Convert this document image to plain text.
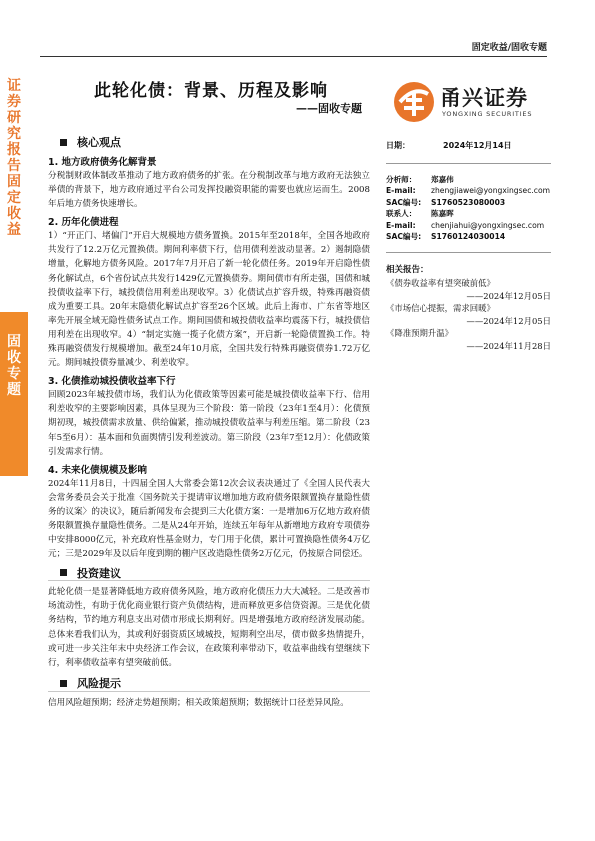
证券研究报告 固定收益
固收专题
固定收益/固收专题
此轮化债：背景、历程及影响
——固收专题	甬兴证券
YONGXING SECURITIES
核心观点
1. 地方政府债务化解背景
分税制财政体制改革推动了地方政府债务的扩张。在分税制改革与地方政府无法独立举债的背景下，地方政府通过平台公司发挥投融资职能的需要也就应运而生。2008年后地方债务快速增长。
2. 历年化债进程
1）“开正门、堵偏门”开启大规模地方债务置换。2015年至2018年，全国各地政府共发行了12.2万亿元置换债。期间利率债下行，信用债利差波动显著。2）遏制隐债增量，化解地方债务风险。2017年7月开启了新一轮化债任务。2019年开启隐性债务化解试点，6个省份试点共发行1429亿元置换债券。期间债市有所走强，国债和城投债收益率下行，城投债信用利差出现收窄。3）化债试点扩容升级，特殊再融资债成为重要工具。20年末隐债化解试点扩容至26个区域。此后上海市、广东省等地区率先开展全域无隐性债务试点工作。期间国债和城投债收益率均震荡下行，城投债信用利差在出现收窄。4）“制定实施一揽子化债方案”，开启新一轮隐债置换工作。特殊再融资债发行规模增加。截至24年10月底，全国共发行特殊再融资债券1.72万亿元。期间城投债券量减少、利差收窄。
3. 化债推动城投债收益率下行
回顾2023年城投债市场，我们认为化债政策等因素可能是城投债收益率下行、信用利差收窄的主要影响因素，具体呈现为三个阶段：第一阶段（23年1至4月）：化债预期初现，城投债需求放量、供给偏紧，推动城投债收益率与利差压缩。第二阶段（23年5至6月）：基本面和负面舆情引发利差波动。第三阶段（23年7至12月）：化债政策引发需求行情。
4. 未来化债规模及影响
2024年11月8日，十四届全国人大常委会第12次会议表决通过了《全国人民代表大会常务委员会关于批准〈国务院关于提请审议增加地方政府债务限额置换存量隐性债务的议案〉的决议》，随后新闻发布会提到三大化债方案：一是增加6万亿地方政府债务限额置换存量隐性债务。二是从24年开始，连续五年每年从新增地方政府专项债券中安排8000亿元，补充政府性基金财力，专门用于化债，累计可置换隐性债务4万亿元；三是2029年及以后年度到期的棚户区改造隐性债务2万亿元，仍按原合同偿还。
投资建议
此轮化债一是显著降低地方政府债务风险，地方政府化债压力大大减轻。二是改善市场流动性，有助于优化商业银行资产负债结构，进而释放更多信贷资源。三是优化债务结构，节约地方利息支出对债市形成长期利好。四是增强地方政府经济发展动能。总体来看我们认为，其或利好弱资质区域城投，短期利空出尽，债市做多热情提升，或可进一步关注年末中央经济工作会议，在政策利率带动下，收益率曲线有望继续下行，利率债收益率有望突破前低。
风险提示
信用风险超预期；经济走势超预期；相关政策超预期；数据统计口径差异风险。
日期：	2024年12月14日
分析师：	郑嘉伟
E-mail:	zhengjiawei@yongxingsec.com
SAC编号:	S1760523080003
联系人：	陈嘉晖
E-mail:	chenjiahui@yongxingsec.com
SAC编号:	S1760124030014
相关报告：
《债券收益率有望突破前低》
——2024年12月05日
《市场信心提振，需求回暖》
——2024年12月05日
《降准预期升温》
——2024年11月28日
